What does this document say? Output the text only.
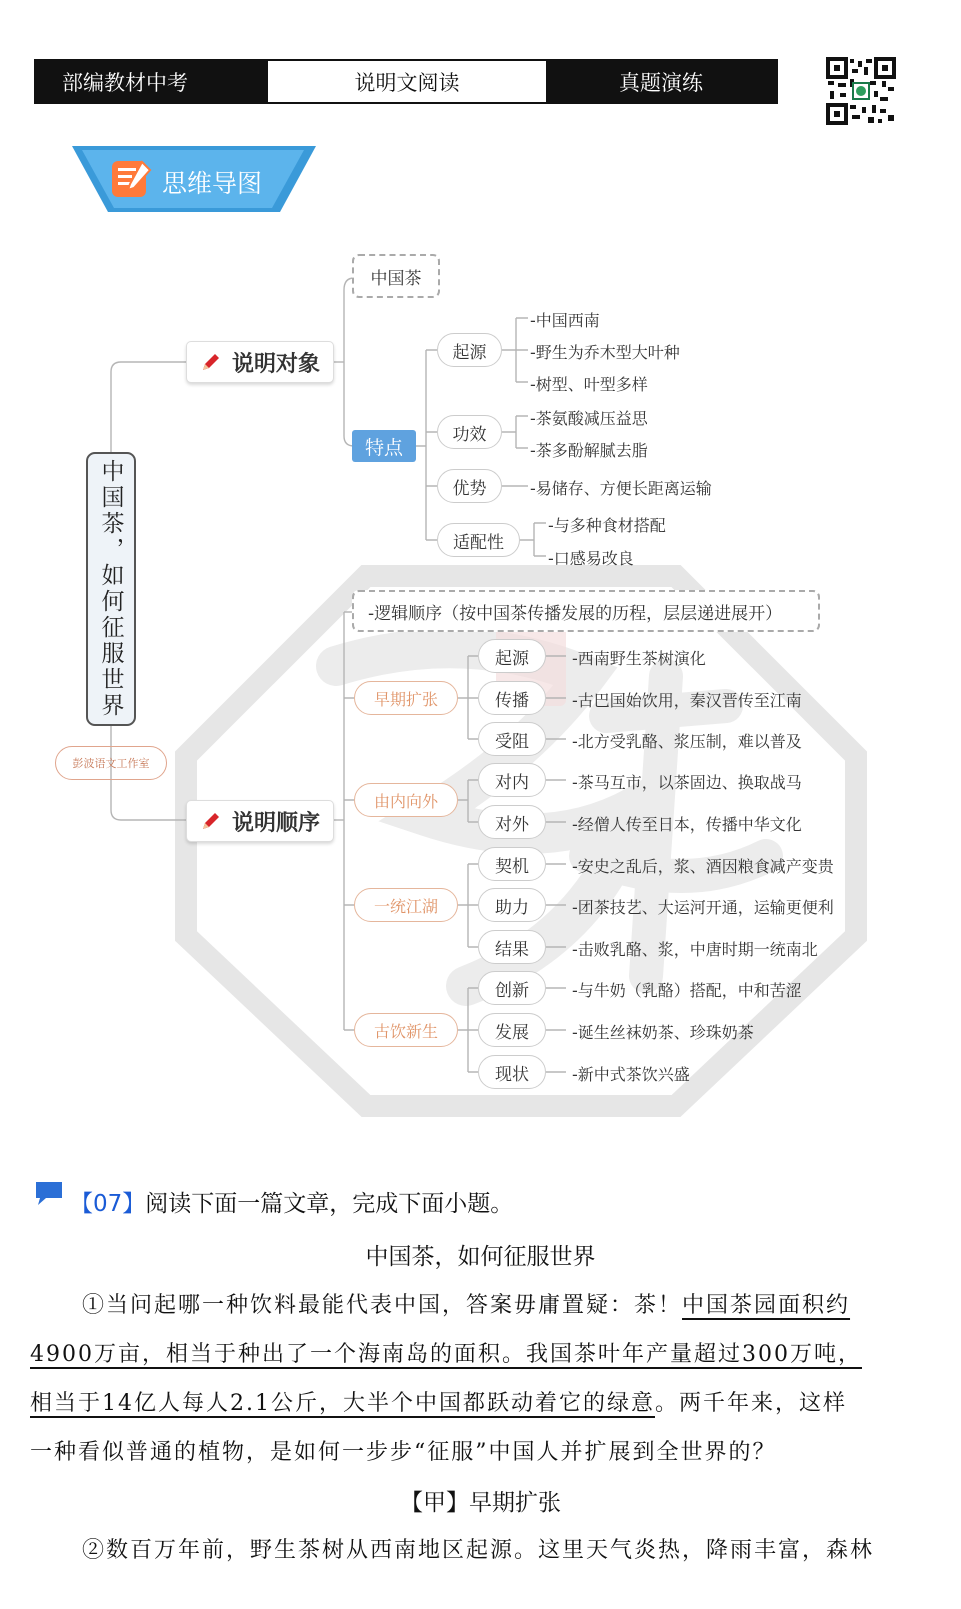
部编教材中考	说明文阅读	真题演练
思维导图
中国茶，如何征服世界
彭波语文工作室
说明对象
说明顺序
中国茶
特点
起源
-中国西南
-野生为乔木型大叶种
-树型、叶型多样
功效
-茶氨酸减压益思
-茶多酚解腻去脂
优势	-易储存、方便长距离运输
适配性
-与多种食材搭配
-口感易改良
-逻辑顺序（按中国茶传播发展的历程，层层递进展开）
早期扩张
起源	-西南野生茶树演化
传播	-古巴国始饮用，秦汉晋传至江南
受阻	-北方受乳酪、浆压制，难以普及
由内向外
对内	-茶马互市，以茶固边、换取战马
对外	-经僧人传至日本，传播中华文化
一统江湖
契机	-安史之乱后，浆、酒因粮食减产变贵
助力	-团茶技艺、大运河开通，运输更便利
结果	-击败乳酪、浆，中唐时期一统南北
古饮新生
创新	-与牛奶（乳酪）搭配，中和苦涩
发展	-诞生丝袜奶茶、珍珠奶茶
现状	-新中式茶饮兴盛
【07】阅读下面一篇文章，完成下面小题。
中国茶，如何征服世界
①当问起哪一种饮料最能代表中国，答案毋庸置疑：茶！中国茶园面积约
4900万亩，相当于种出了一个海南岛的面积。我国茶叶年产量超过300万吨，
相当于14亿人每人2.1公斤，大半个中国都跃动着它的绿意。两千年来，这样
一种看似普通的植物，是如何一步步“征服”中国人并扩展到全世界的？
【甲】早期扩张
②数百万年前，野生茶树从西南地区起源。这里天气炎热，降雨丰富，森林
